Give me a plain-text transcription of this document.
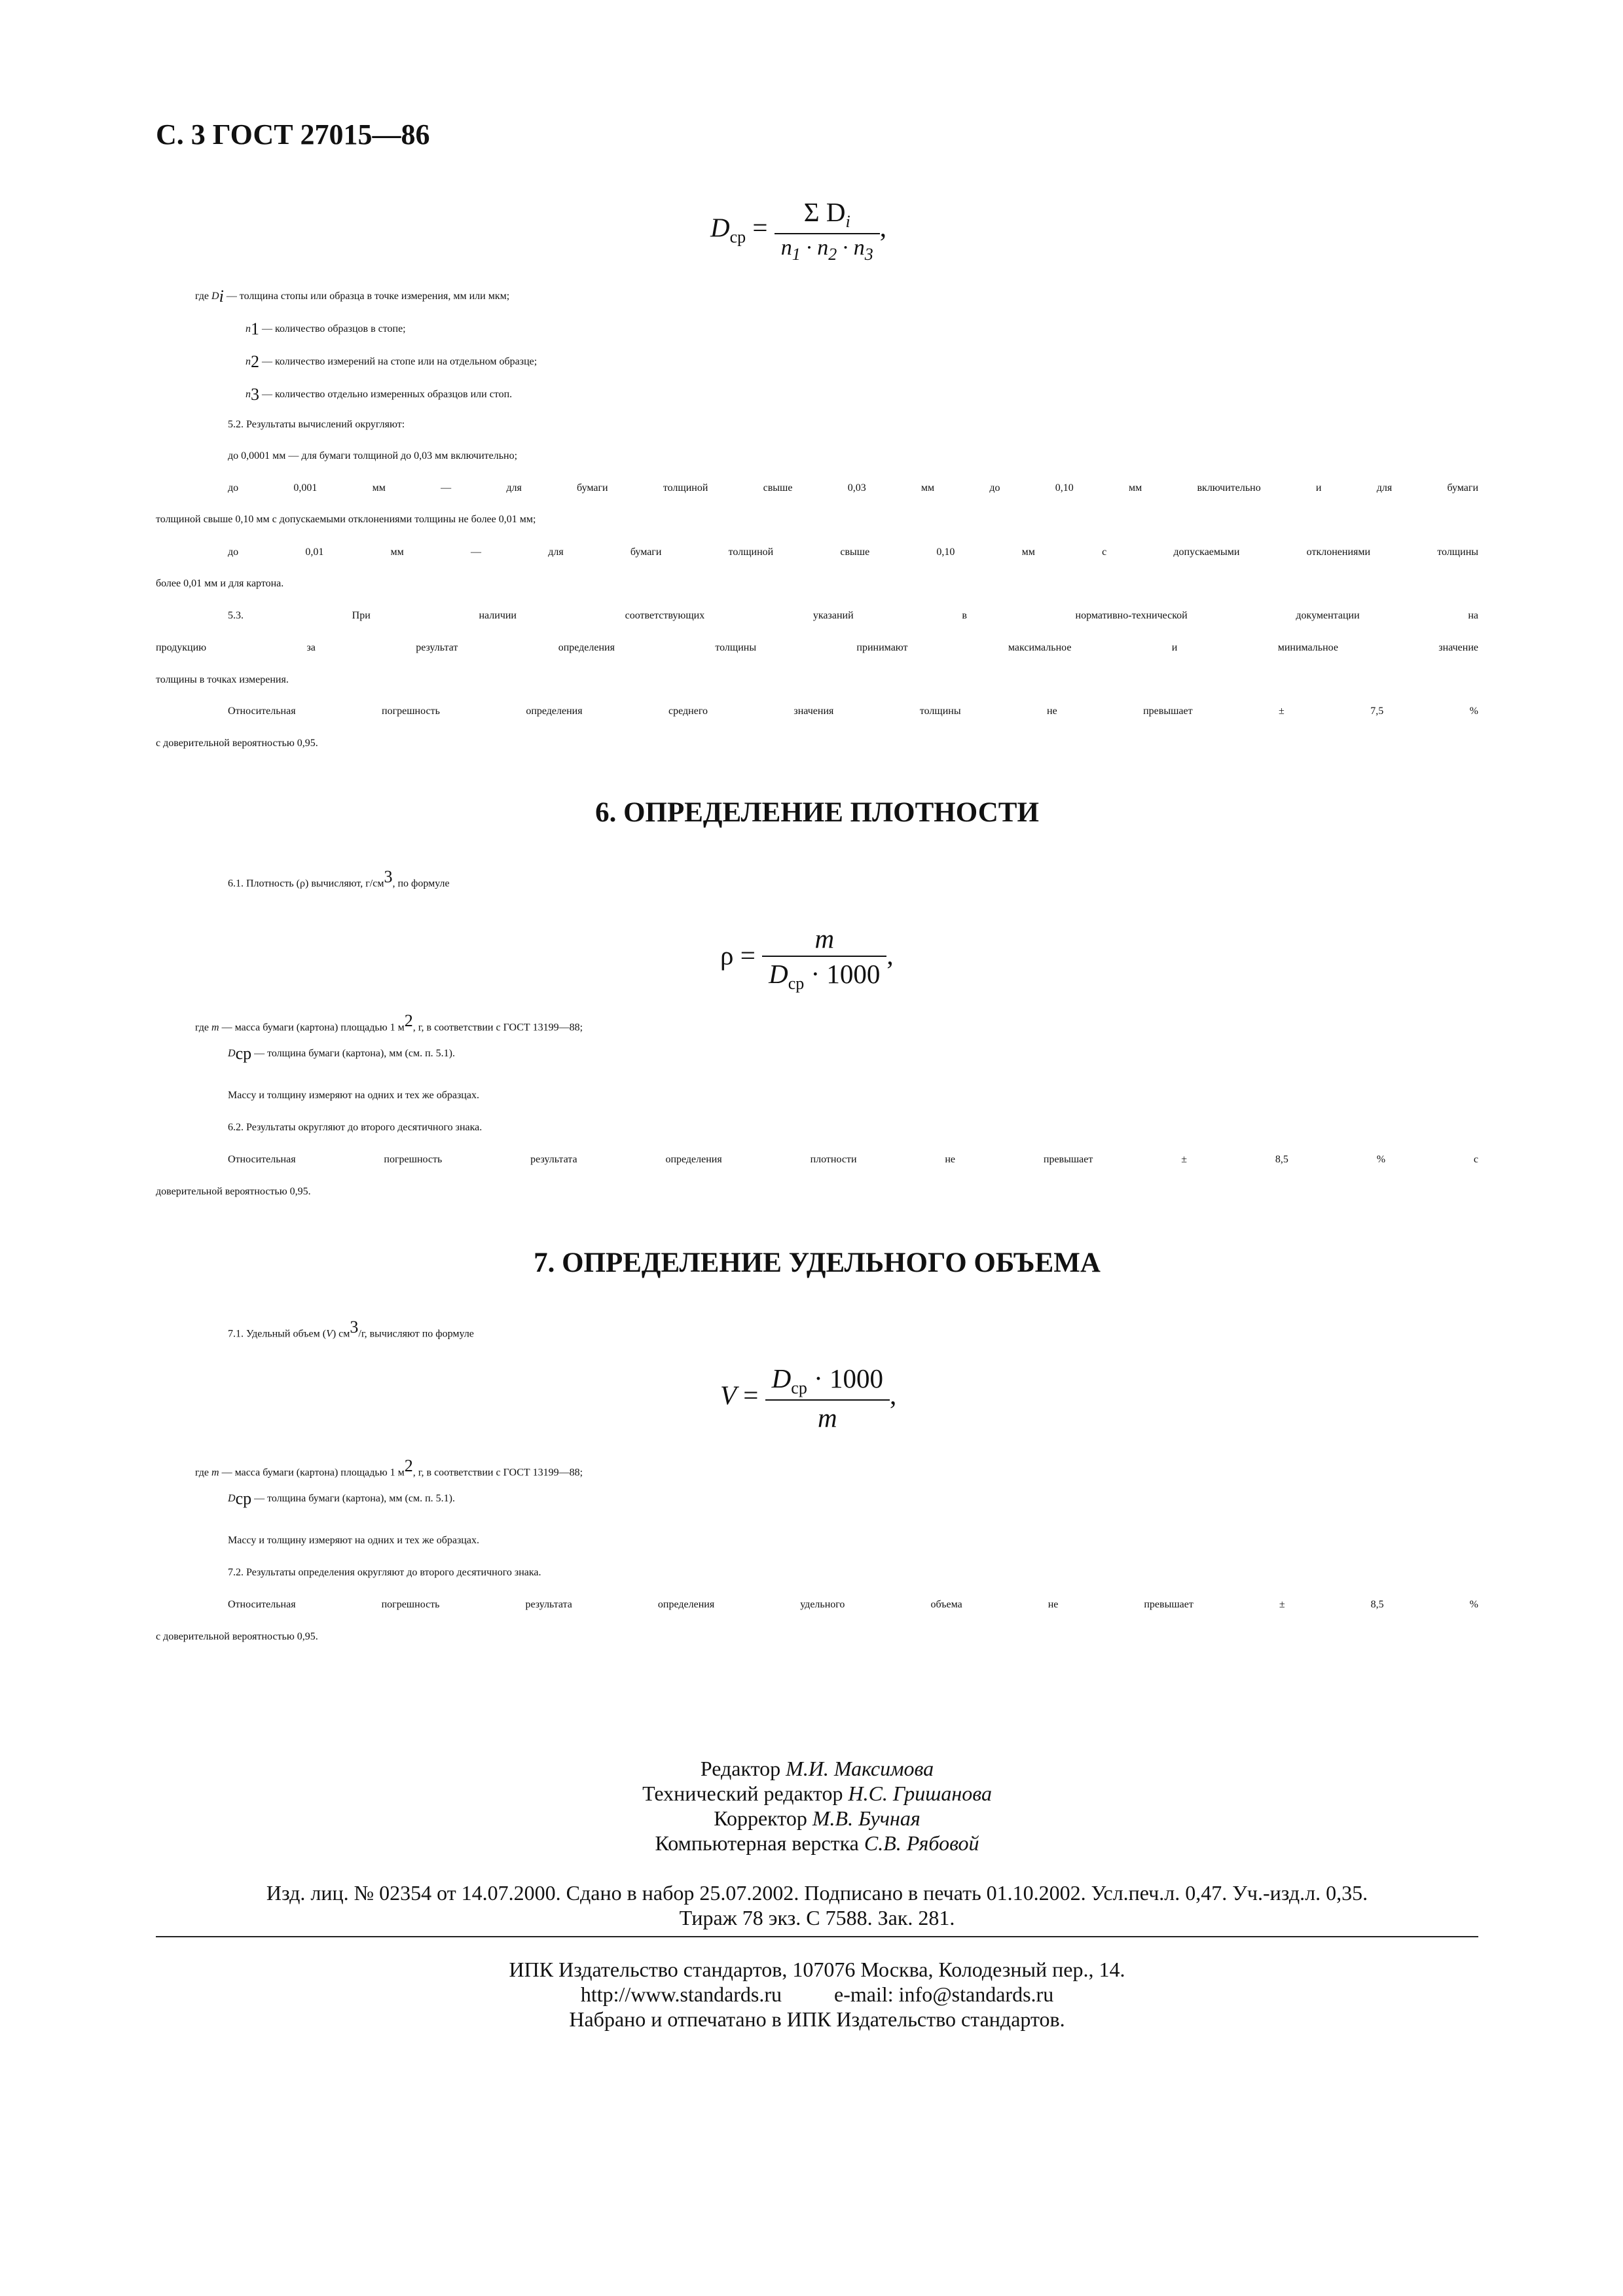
С. 3 ГОСТ 27015—86
$D_{ср} = \frac{\Sigma D_i}{n_1 \cdot n_2 \cdot n_3}$ ,
где $D_i$ — толщина стопы или образца в точке измерения, мм или мкм;
$n_1$ — количество образцов в стопе;
$n_2$ — количество измерений на стопе или на отдельном образце;
$n_3$ — количество отдельно измеренных образцов или стоп.
5.2. Результаты вычислений округляют:
до 0,0001 мм — для бумаги толщиной до 0,03 мм включительно;
до 0,001 мм — для бумаги толщиной свыше 0,03 мм до 0,10 мм включительно и для бумаги
толщиной свыше 0,10 мм с допускаемыми отклонениями толщины не более 0,01 мм;
до 0,01 мм — для бумаги толщиной свыше 0,10 мм с допускаемыми отклонениями толщины
более 0,01 мм и для картона.
5.3. При наличии соответствующих указаний в нормативно-технической документации на
продукцию за результат определения толщины принимают максимальное и минимальное значение
толщины в точках измерения.
Относительная погрешность определения среднего значения толщины не превышает ± 7,5 %
с доверительной вероятностью 0,95.
6. ОПРЕДЕЛЕНИЕ ПЛОТНОСТИ
6.1. Плотность (ρ) вычисляют, $г/см^3$, по формуле
$\rho = \frac{m}{D_{ср} \cdot 1000}$ ,
где m — масса бумаги (картона) площадью 1 $м^2$, г, в соответствии с ГОСТ 13199—88;
$D_{ср}$ — толщина бумаги (картона), мм (см. п. 5.1).
Массу и толщину измеряют на одних и тех же образцах.
6.2. Результаты округляют до второго десятичного знака.
Относительная погрешность результата определения плотности не превышает ± 8,5 % с
доверительной вероятностью 0,95.
7. ОПРЕДЕЛЕНИЕ УДЕЛЬНОГО ОБЪЕМА
7.1. Удельный объем (V) $см^3/г$, вычисляют по формуле
$V = \frac{D_{ср} \cdot 1000}{m}$ ,
где m — масса бумаги (картона) площадью 1 $м^2$, г, в соответствии с ГОСТ 13199—88;
$D_{ср}$ — толщина бумаги (картона), мм (см. п. 5.1).
Массу и толщину измеряют на одних и тех же образцах.
7.2. Результаты определения округляют до второго десятичного знака.
Относительная погрешность результата определения удельного объема не превышает ± 8,5 %
с доверительной вероятностью 0,95.
Редактор М.И. Максимова
Технический редактор Н.С. Гришанова
Корректор М.В. Бучная
Компьютерная верстка С.В. Рябовой
Изд. лиц. № 02354 от 14.07.2000. Сдано в набор 25.07.2002. Подписано в печать 01.10.2002. Усл.печ.л. 0,47. Уч.-изд.л. 0,35.
Тираж 78 экз. С 7588. Зак. 281.
ИПК Издательство стандартов, 107076 Москва, Колодезный пер., 14.
http://www.standards.ru	e-mail: info@standards.ru
Набрано и отпечатано в ИПК Издательство стандартов.
